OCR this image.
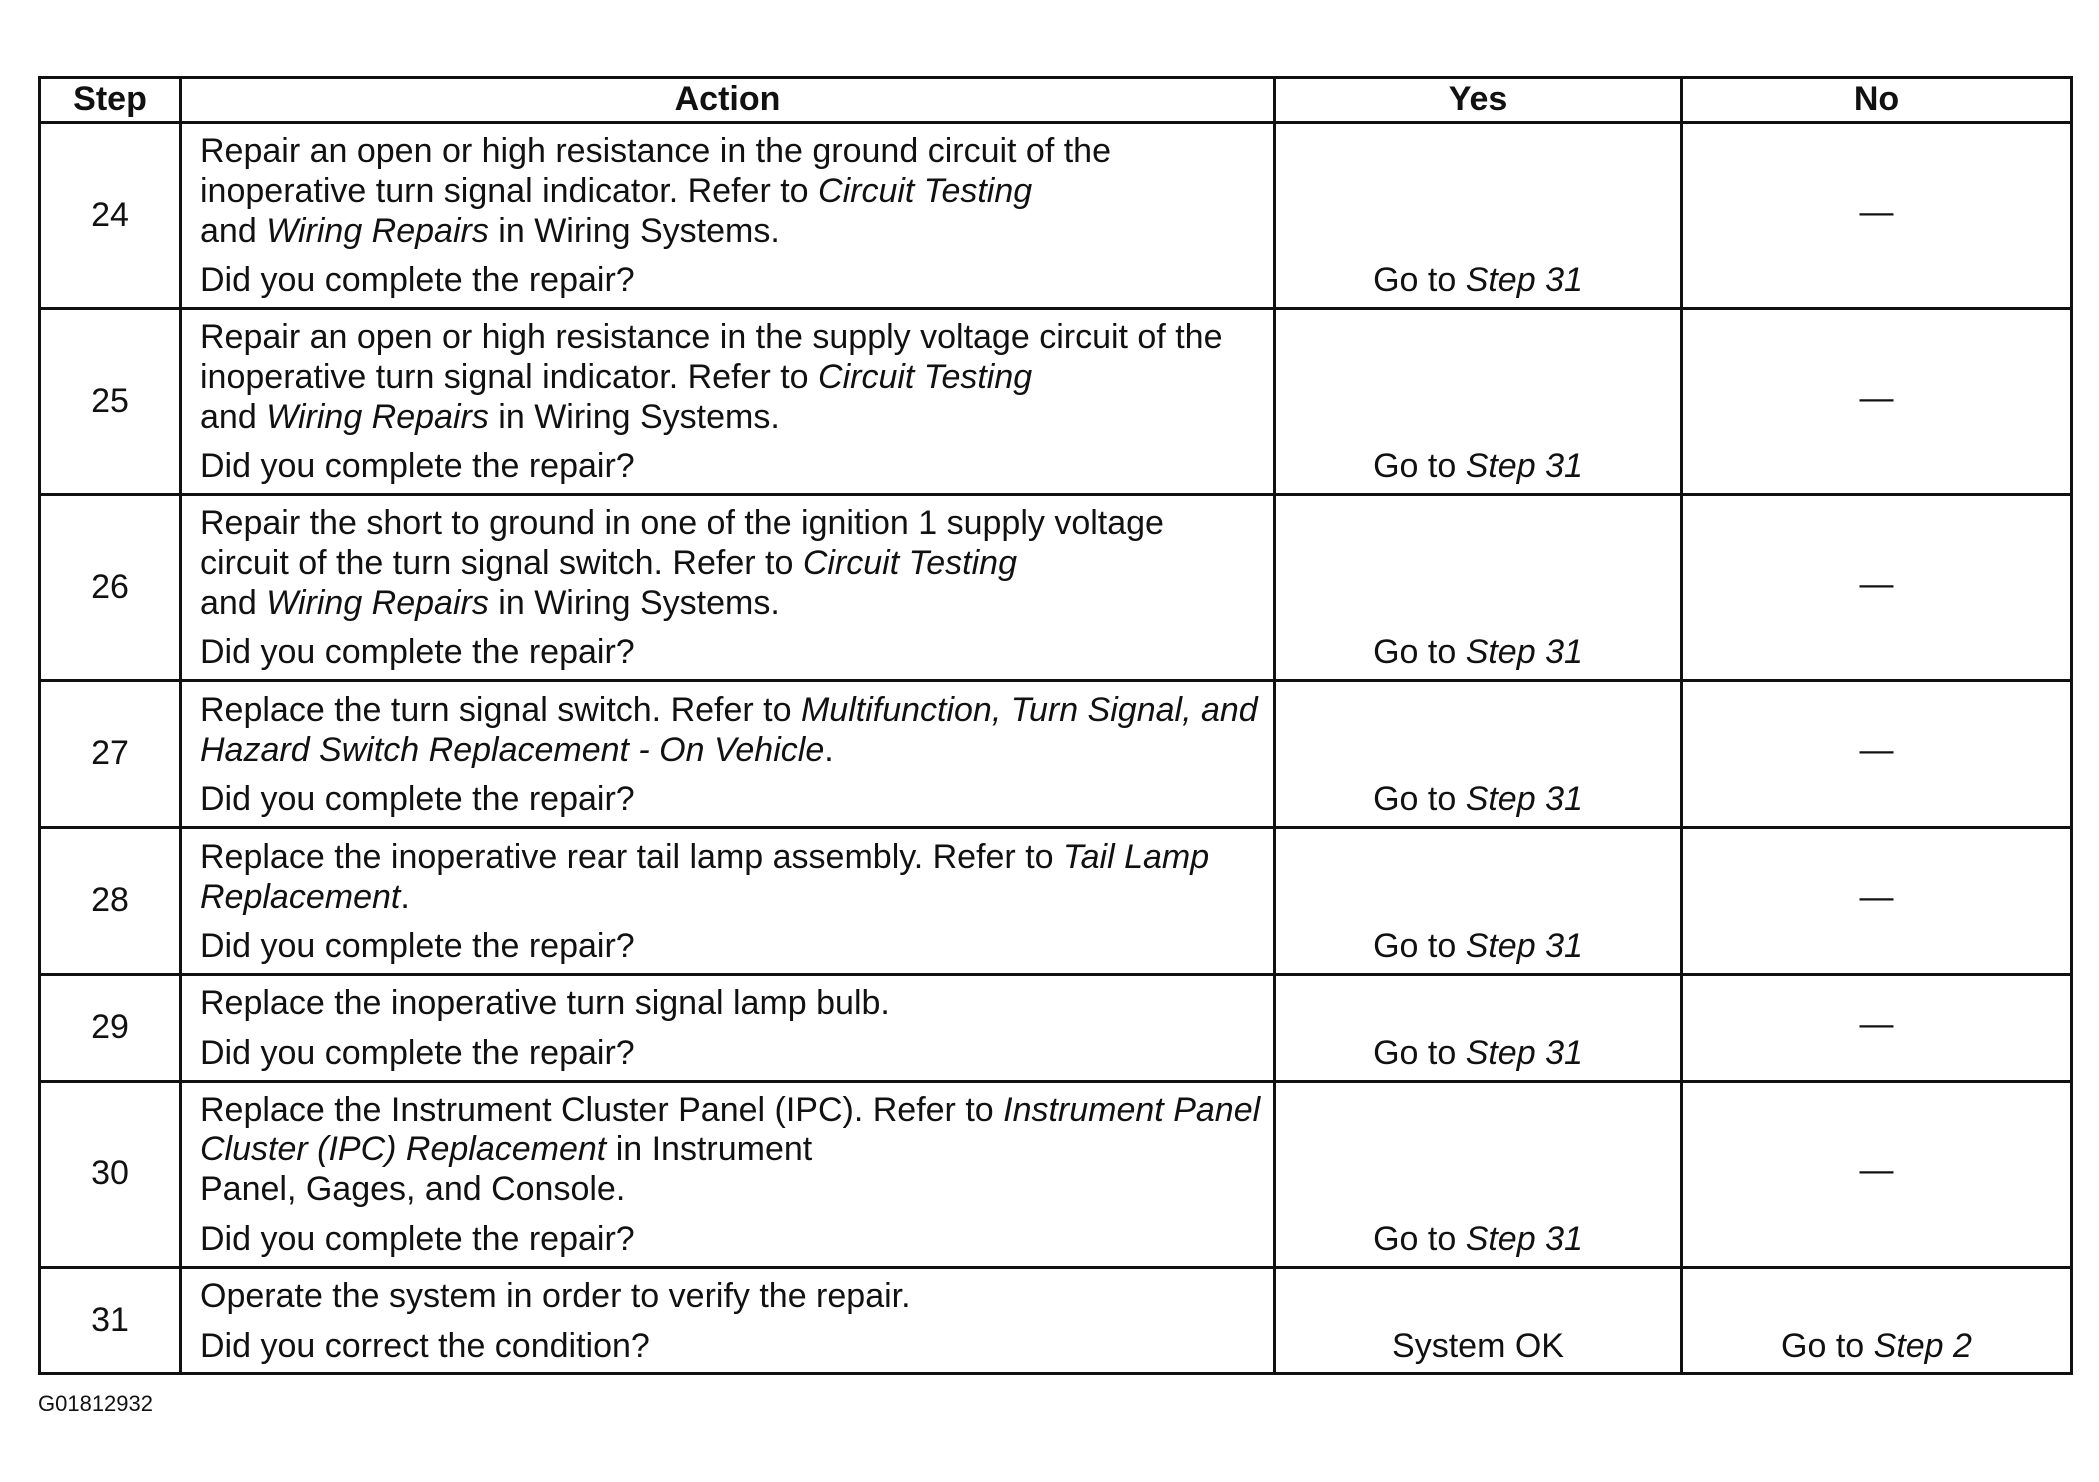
Step	Action	Yes	No
24	Repair an open or high resistance in the ground circuit of the inoperative turn signal indicator. Refer to Circuit Testing
and Wiring Repairs in Wiring Systems.
Did you complete the repair?	Go to Step 31	—
25	Repair an open or high resistance in the supply voltage circuit of the inoperative turn signal indicator. Refer to Circuit Testing
and Wiring Repairs in Wiring Systems.
Did you complete the repair?	Go to Step 31	—
26	Repair the short to ground in one of the ignition 1 supply voltage circuit of the turn signal switch. Refer to Circuit Testing
and Wiring Repairs in Wiring Systems.
Did you complete the repair?	Go to Step 31	—
27	Replace the turn signal switch. Refer to Multifunction, Turn Signal, and Hazard Switch Replacement - On Vehicle.
Did you complete the repair?	Go to Step 31	—
28	Replace the inoperative rear tail lamp assembly. Refer to Tail Lamp Replacement.
Did you complete the repair?	Go to Step 31	—
29	Replace the inoperative turn signal lamp bulb.
Did you complete the repair?	Go to Step 31	—
30	Replace the Instrument Cluster Panel (IPC). Refer to Instrument Panel Cluster (IPC) Replacement in Instrument
Panel, Gages, and Console.
Did you complete the repair?	Go to Step 31	—
31	Operate the system in order to verify the repair.
Did you correct the condition?	System OK	Go to Step 2
G01812932
